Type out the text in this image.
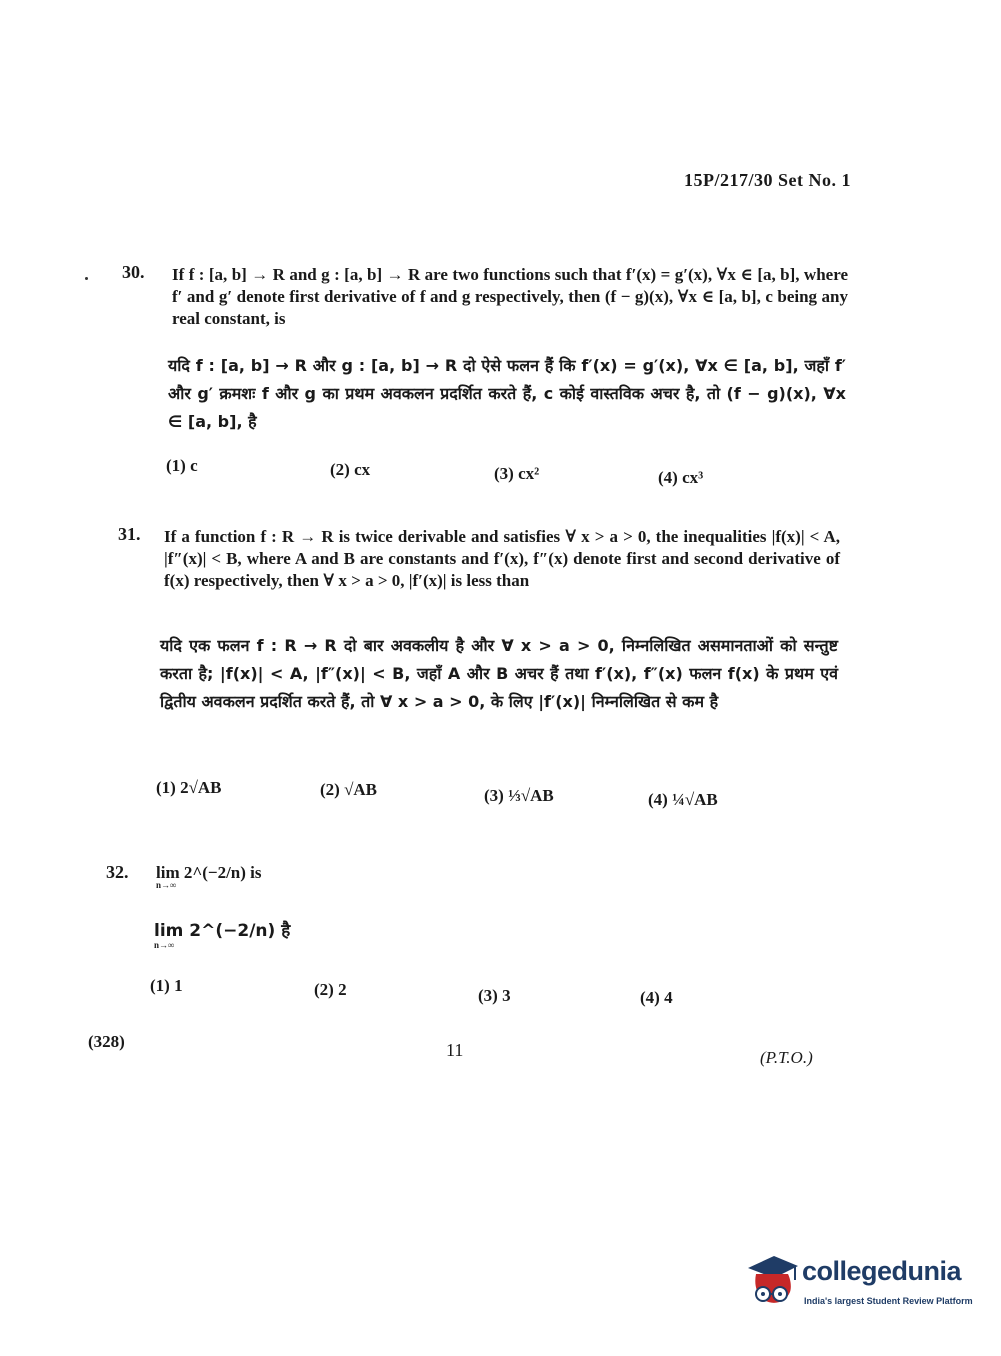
15P/217/30 Set No. 1
30. If f : [a, b] → R and g : [a, b] → R are two functions such that f′(x) = g′(x), ∀x ∈ [a, b], where f′ and g′ denote first derivative of f and g respectively, then (f − g)(x), ∀x ∈ [a, b], c being any real constant, is
यदि f : [a, b] → R और g : [a, b] → R दो ऐसे फलन हैं कि f′(x) = g′(x), ∀x ∈ [a, b], जहाँ f′ और g′ क्रमशः f और g का प्रथम अवकलन प्रदर्शित करते हैं, c कोई वास्तविक अचर है, तो (f − g)(x), ∀x ∈ [a, b], है
(1) c	(2) cx	(3) cx²	(4) cx³
31. If a function f : R → R is twice derivable and satisfies ∀ x > a > 0, the inequalities |f(x)| < A, |f″(x)| < B, where A and B are constants and f′(x), f″(x) denote first and second derivative of f(x) respectively, then ∀ x > a > 0, |f′(x)| is less than
यदि एक फलन f : R → R दो बार अवकलीय है और ∀ x > a > 0, निम्नलिखित असमानताओं को सन्तुष्ट करता है; |f(x)| < A, |f″(x)| < B, जहाँ A और B अचर हैं तथा f′(x), f″(x) फलन f(x) के प्रथम एवं द्वितीय अवकलन प्रदर्शित करते हैं, तो ∀ x > a > 0, के लिए |f′(x)| निम्नलिखित से कम है
(1) 2√AB	(2) √AB	(3) ⅓√AB	(4) ¼√AB
32. lim 2^(−2/n) is
n→∞
lim 2^(−2/n) है
n→∞
(1) 1	(2) 2	(3) 3	(4) 4
(328)	11	(P.T.O.)
collegedunia
India's largest Student Review Platform
